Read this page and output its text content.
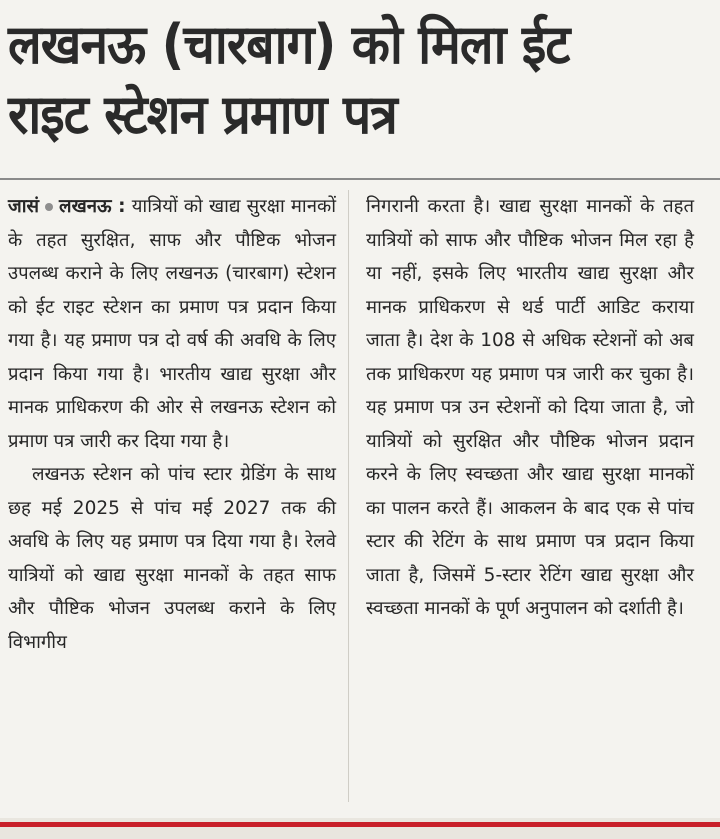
लखनऊ (चारबाग) को मिला ईट
राइट स्टेशन प्रमाण पत्र

जासं लखनऊ : यात्रियों को खाद्य सुरक्षा मानकों के तहत सुरक्षित, साफ और पौष्टिक भोजन उपलब्ध कराने के लिए लखनऊ (चारबाग) स्टेशन को ईट राइट स्टेशन का प्रमाण पत्र प्रदान किया गया है। यह प्रमाण पत्र दो वर्ष की अवधि के लिए प्रदान किया गया है। भारतीय खाद्य सुरक्षा और मानक प्राधिकरण की ओर से लखनऊ स्टेशन को प्रमाण पत्र जारी कर दिया गया है।

लखनऊ स्टेशन को पांच स्टार ग्रेडिंग के साथ छह मई 2025 से पांच मई 2027 तक की अवधि के लिए यह प्रमाण पत्र दिया गया है। रेलवे यात्रियों को खाद्य सुरक्षा मानकों के तहत साफ और पौष्टिक भोजन उपलब्ध कराने के लिए विभागीय

निगरानी करता है। खाद्य सुरक्षा मानकों के तहत यात्रियों को साफ और पौष्टिक भोजन मिल रहा है या नहीं, इसके लिए भारतीय खाद्य सुरक्षा और मानक प्राधिकरण से थर्ड पार्टी आडिट कराया जाता है। देश के 108 से अधिक स्टेशनों को अब तक प्राधिकरण यह प्रमाण पत्र जारी कर चुका है। यह प्रमाण पत्र उन स्टेशनों को दिया जाता है, जो यात्रियों को सुरक्षित और पौष्टिक भोजन प्रदान करने के लिए स्वच्छता और खाद्य सुरक्षा मानकों का पालन करते हैं। आकलन के बाद एक से पांच स्टार की रेटिंग के साथ प्रमाण पत्र प्रदान किया जाता है, जिसमें 5-स्टार रेटिंग खाद्य सुरक्षा और स्वच्छता मानकों के पूर्ण अनुपालन को दर्शाती है।
